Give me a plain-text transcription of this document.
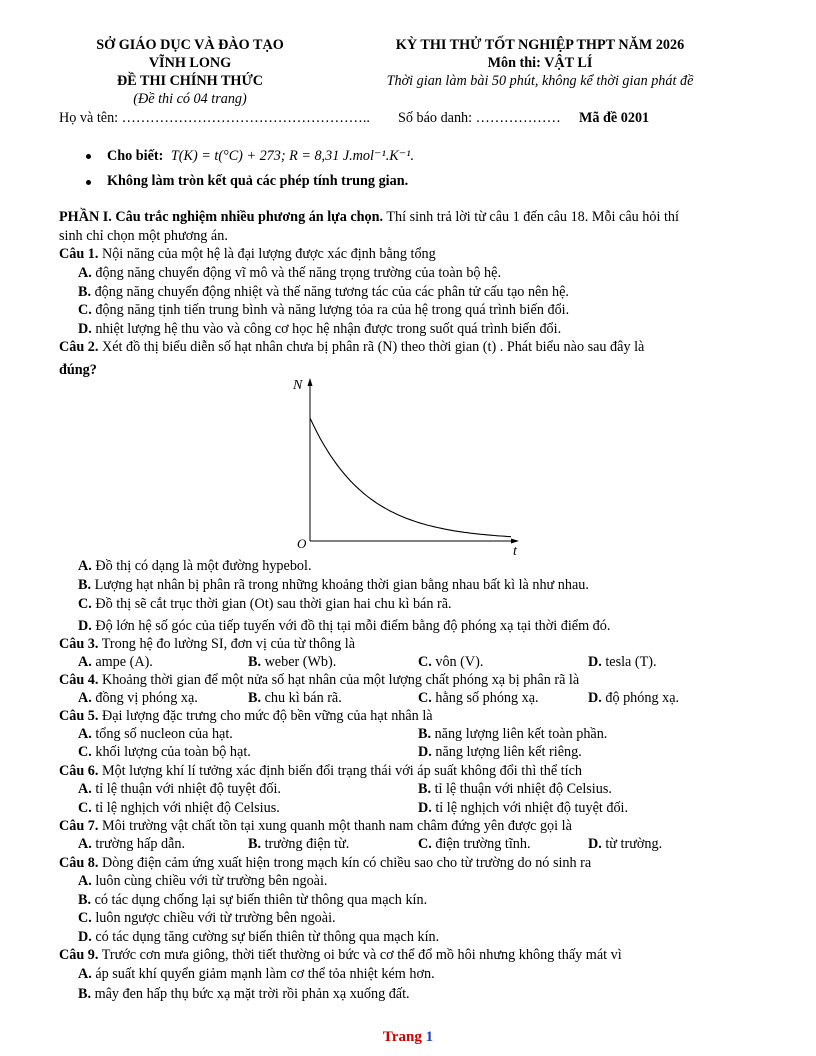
SỞ GIÁO DỤC VÀ ĐÀO TẠO
VĨNH LONG
ĐỀ THI CHÍNH THỨC
(Đề thi có 04 trang)
KỲ THI THỬ TỐT NGHIỆP THPT NĂM 2026
Môn thi: VẬT LÍ
Thời gian làm bài 50 phút, không kể thời gian phát đề
Họ và tên: …………………………………………….. Số báo danh: ……………… Mã đề 0201
Cho biết: T(K) = t(°C) + 273; R = 8,31 J.mol⁻¹.K⁻¹.
Không làm tròn kết quả các phép tính trung gian.
PHẦN I. Câu trắc nghiệm nhiều phương án lựa chọn. Thí sinh trả lời từ câu 1 đến câu 18. Mỗi câu hỏi thí
sinh chỉ chọn một phương án.
Câu 1. Nội năng của một hệ là đại lượng được xác định bằng tổng
A. động năng chuyển động vĩ mô và thế năng trọng trường của toàn bộ hệ.
B. động năng chuyển động nhiệt và thế năng tương tác của các phân tử cấu tạo nên hệ.
C. động năng tịnh tiến trung bình và năng lượng tỏa ra của hệ trong quá trình biến đổi.
D. nhiệt lượng hệ thu vào và công cơ học hệ nhận được trong suốt quá trình biến đổi.
Câu 2. Xét đồ thị biểu diễn số hạt nhân chưa bị phân rã (N) theo thời gian (t) . Phát biểu nào sau đây là
đúng?
N
t
O
A. Đồ thị có dạng là một đường hypebol.
B. Lượng hạt nhân bị phân rã trong những khoảng thời gian bằng nhau bất kì là như nhau.
C. Đồ thị sẽ cắt trục thời gian (Ot) sau thời gian hai chu kì bán rã.
D. Độ lớn hệ số góc của tiếp tuyến với đồ thị tại mỗi điểm bằng độ phóng xạ tại thời điểm đó.
Câu 3. Trong hệ đo lường SI, đơn vị của từ thông là
A. ampe (A).	B. weber (Wb).	C. vôn (V).	D. tesla (T).
Câu 4. Khoảng thời gian để một nửa số hạt nhân của một lượng chất phóng xạ bị phân rã là
A. đồng vị phóng xạ.	B. chu kì bán rã.	C. hằng số phóng xạ.	D. độ phóng xạ.
Câu 5. Đại lượng đặc trưng cho mức độ bền vững của hạt nhân là
A. tổng số nucleon của hạt.	B. năng lượng liên kết toàn phần.
C. khối lượng của toàn bộ hạt.	D. năng lượng liên kết riêng.
Câu 6. Một lượng khí lí tưởng xác định biến đổi trạng thái với áp suất không đổi thì thể tích
A. tỉ lệ thuận với nhiệt độ tuyệt đối.	B. tỉ lệ thuận với nhiệt độ Celsius.
C. tỉ lệ nghịch với nhiệt độ Celsius.	D. tỉ lệ nghịch với nhiệt độ tuyệt đối.
Câu 7. Môi trường vật chất tồn tại xung quanh một thanh nam châm đứng yên được gọi là
A. trường hấp dẫn.	B. trường điện từ.	C. điện trường tĩnh.	D. từ trường.
Câu 8. Dòng điện cảm ứng xuất hiện trong mạch kín có chiều sao cho từ trường do nó sinh ra
A. luôn cùng chiều với từ trường bên ngoài.
B. có tác dụng chống lại sự biến thiên từ thông qua mạch kín.
C. luôn ngược chiều với từ trường bên ngoài.
D. có tác dụng tăng cường sự biến thiên từ thông qua mạch kín.
Câu 9. Trước cơn mưa giông, thời tiết thường oi bức và cơ thể đổ mồ hôi nhưng không thấy mát vì
A. áp suất khí quyển giảm mạnh làm cơ thể tỏa nhiệt kém hơn.
B. mây đen hấp thụ bức xạ mặt trời rồi phản xạ xuống đất.
Trang 1
